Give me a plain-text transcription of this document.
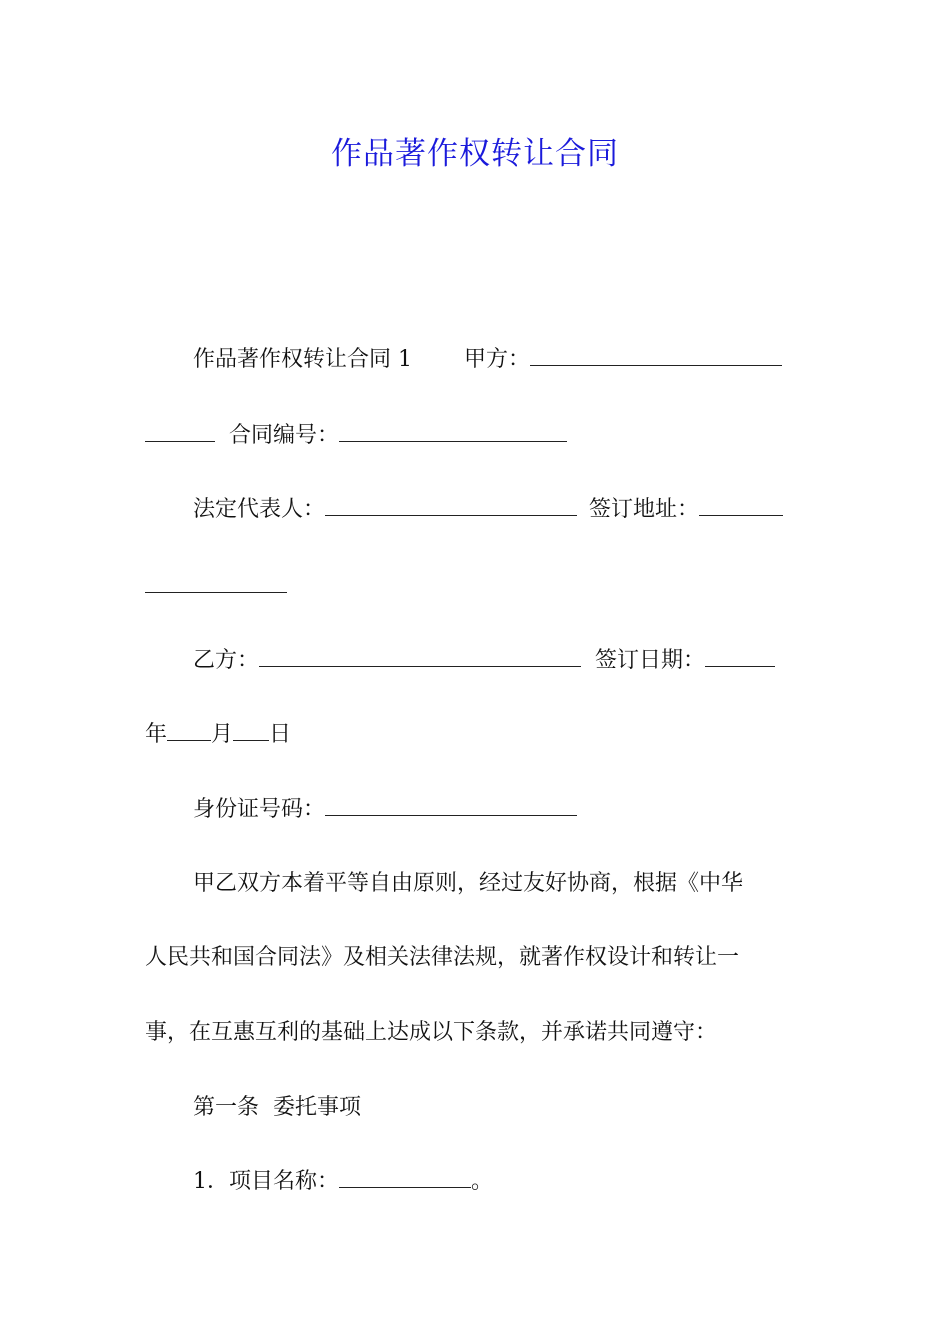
作品著作权转让合同

作品著作权转让合同 1 甲方：

合同编号：

法定代表人：	签订地址：

乙方：	签订日期：

年 月 日

身份证号码：

甲乙双方本着平等自由原则，经过友好协商，根据《中华

人民共和国合同法》及相关法律法规，就著作权设计和转让一

事，在互惠互利的基础上达成以下条款，并承诺共同遵守：

第一条  委托事项

1．项目名称：	。
